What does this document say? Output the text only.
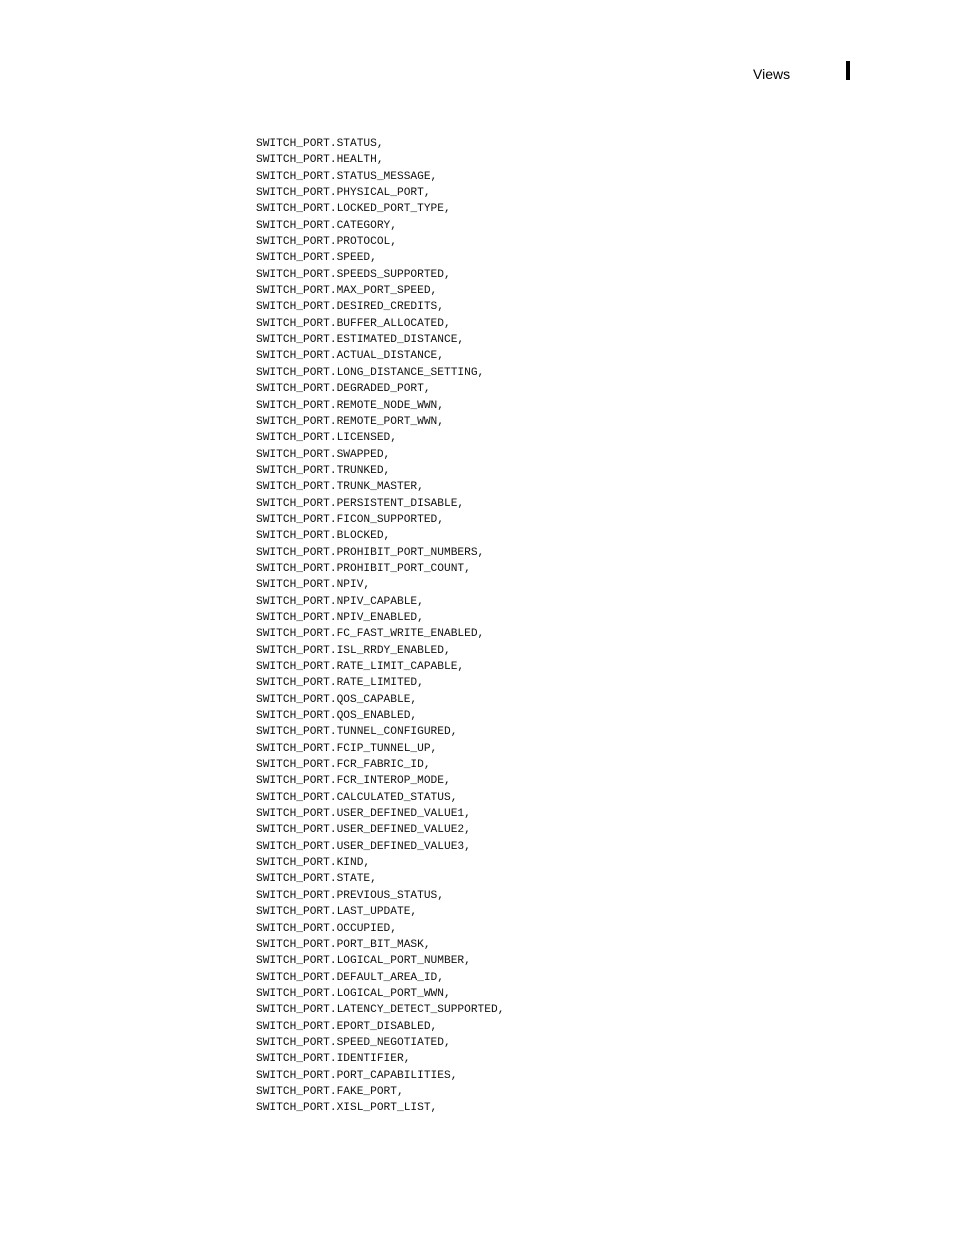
Views
SWITCH_PORT.STATUS,
SWITCH_PORT.HEALTH,
SWITCH_PORT.STATUS_MESSAGE,
SWITCH_PORT.PHYSICAL_PORT,
SWITCH_PORT.LOCKED_PORT_TYPE,
SWITCH_PORT.CATEGORY,
SWITCH_PORT.PROTOCOL,
SWITCH_PORT.SPEED,
SWITCH_PORT.SPEEDS_SUPPORTED,
SWITCH_PORT.MAX_PORT_SPEED,
SWITCH_PORT.DESIRED_CREDITS,
SWITCH_PORT.BUFFER_ALLOCATED,
SWITCH_PORT.ESTIMATED_DISTANCE,
SWITCH_PORT.ACTUAL_DISTANCE,
SWITCH_PORT.LONG_DISTANCE_SETTING,
SWITCH_PORT.DEGRADED_PORT,
SWITCH_PORT.REMOTE_NODE_WWN,
SWITCH_PORT.REMOTE_PORT_WWN,
SWITCH_PORT.LICENSED,
SWITCH_PORT.SWAPPED,
SWITCH_PORT.TRUNKED,
SWITCH_PORT.TRUNK_MASTER,
SWITCH_PORT.PERSISTENT_DISABLE,
SWITCH_PORT.FICON_SUPPORTED,
SWITCH_PORT.BLOCKED,
SWITCH_PORT.PROHIBIT_PORT_NUMBERS,
SWITCH_PORT.PROHIBIT_PORT_COUNT,
SWITCH_PORT.NPIV,
SWITCH_PORT.NPIV_CAPABLE,
SWITCH_PORT.NPIV_ENABLED,
SWITCH_PORT.FC_FAST_WRITE_ENABLED,
SWITCH_PORT.ISL_RRDY_ENABLED,
SWITCH_PORT.RATE_LIMIT_CAPABLE,
SWITCH_PORT.RATE_LIMITED,
SWITCH_PORT.QOS_CAPABLE,
SWITCH_PORT.QOS_ENABLED,
SWITCH_PORT.TUNNEL_CONFIGURED,
SWITCH_PORT.FCIP_TUNNEL_UP,
SWITCH_PORT.FCR_FABRIC_ID,
SWITCH_PORT.FCR_INTEROP_MODE,
SWITCH_PORT.CALCULATED_STATUS,
SWITCH_PORT.USER_DEFINED_VALUE1,
SWITCH_PORT.USER_DEFINED_VALUE2,
SWITCH_PORT.USER_DEFINED_VALUE3,
SWITCH_PORT.KIND,
SWITCH_PORT.STATE,
SWITCH_PORT.PREVIOUS_STATUS,
SWITCH_PORT.LAST_UPDATE,
SWITCH_PORT.OCCUPIED,
SWITCH_PORT.PORT_BIT_MASK,
SWITCH_PORT.LOGICAL_PORT_NUMBER,
SWITCH_PORT.DEFAULT_AREA_ID,
SWITCH_PORT.LOGICAL_PORT_WWN,
SWITCH_PORT.LATENCY_DETECT_SUPPORTED,
SWITCH_PORT.EPORT_DISABLED,
SWITCH_PORT.SPEED_NEGOTIATED,
SWITCH_PORT.IDENTIFIER,
SWITCH_PORT.PORT_CAPABILITIES,
SWITCH_PORT.FAKE_PORT,
SWITCH_PORT.XISL_PORT_LIST,
